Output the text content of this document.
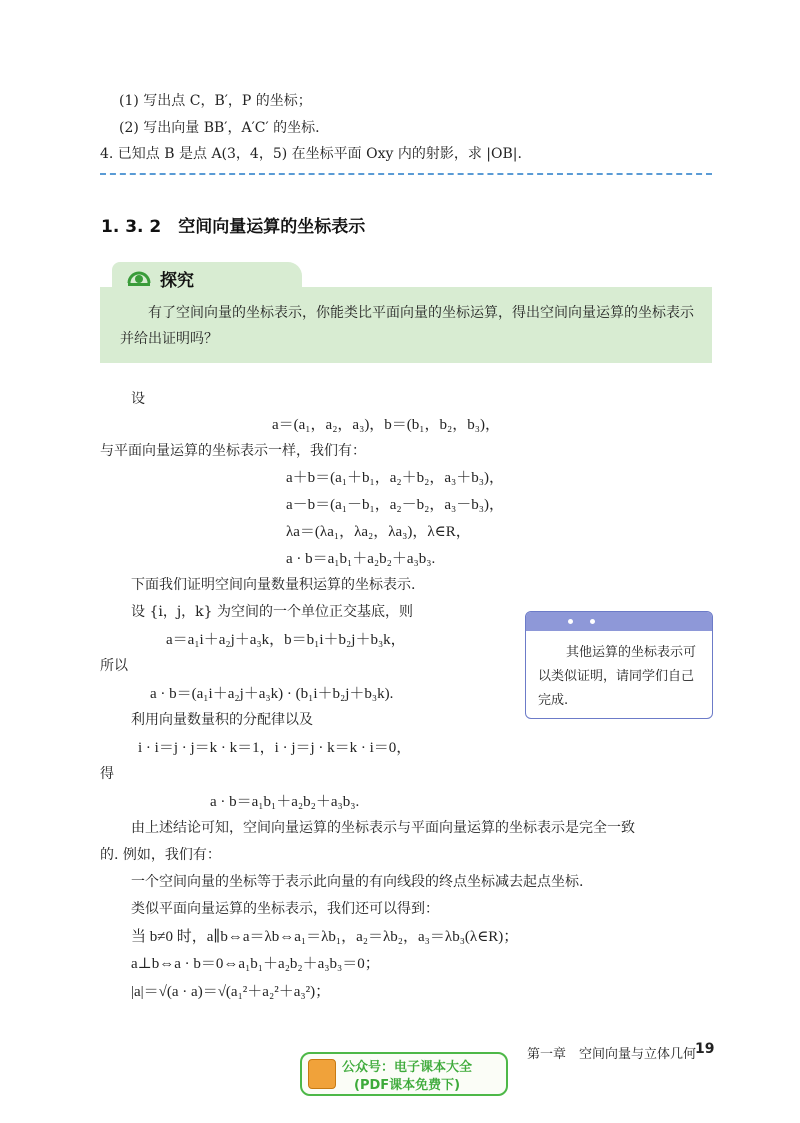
(1) 写出点 C，B′，P 的坐标；
(2) 写出向量 BB′，A′C′ 的坐标.
4. 已知点 B 是点 A(3，4，5) 在坐标平面 Oxy 内的射影，求 |OB|.
1. 3. 2　空间向量运算的坐标表示
探究
有了空间向量的坐标表示，你能类比平面向量的坐标运算，得出空间向量运算的坐标表示并给出证明吗？
设
a＝(a₁，a₂，a₃)，b＝(b₁，b₂，b₃)，
与平面向量运算的坐标表示一样，我们有：
a＋b＝(a₁＋b₁，a₂＋b₂，a₃＋b₃)，
a－b＝(a₁－b₁，a₂－b₂，a₃－b₃)，
λa＝(λa₁，λa₂，λa₃)，λ∈R，
a · b＝a₁b₁＋a₂b₂＋a₃b₃.
下面我们证明空间向量数量积运算的坐标表示.
设 {i，j，k} 为空间的一个单位正交基底，则
a＝a₁i＋a₂j＋a₃k，b＝b₁i＋b₂j＋b₃k，
所以
a · b＝(a₁i＋a₂j＋a₃k) · (b₁i＋b₂j＋b₃k).
利用向量数量积的分配律以及
i · i＝j · j＝k · k＝1，i · j＝j · k＝k · i＝0，
得
a · b＝a₁b₁＋a₂b₂＋a₃b₃.
由上述结论可知，空间向量运算的坐标表示与平面向量运算的坐标表示是完全一致
的. 例如，我们有：
一个空间向量的坐标等于表示此向量的有向线段的终点坐标减去起点坐标.
类似平面向量运算的坐标表示，我们还可以得到：
当 b≠0 时，a∥b⇔a＝λb⇔a₁＝λb₁，a₂＝λb₂，a₃＝λb₃(λ∈R)；
a⊥b⇔a · b＝0⇔a₁b₁＋a₂b₂＋a₃b₃＝0；
|a|＝√(a · a)＝√(a₁²＋a₂²＋a₃²)；
其他运算的坐标表示可以类似证明，请同学们自己完成.
第一章　空间向量与立体几何
19
公众号：电子课本大全
(PDF课本免费下)
